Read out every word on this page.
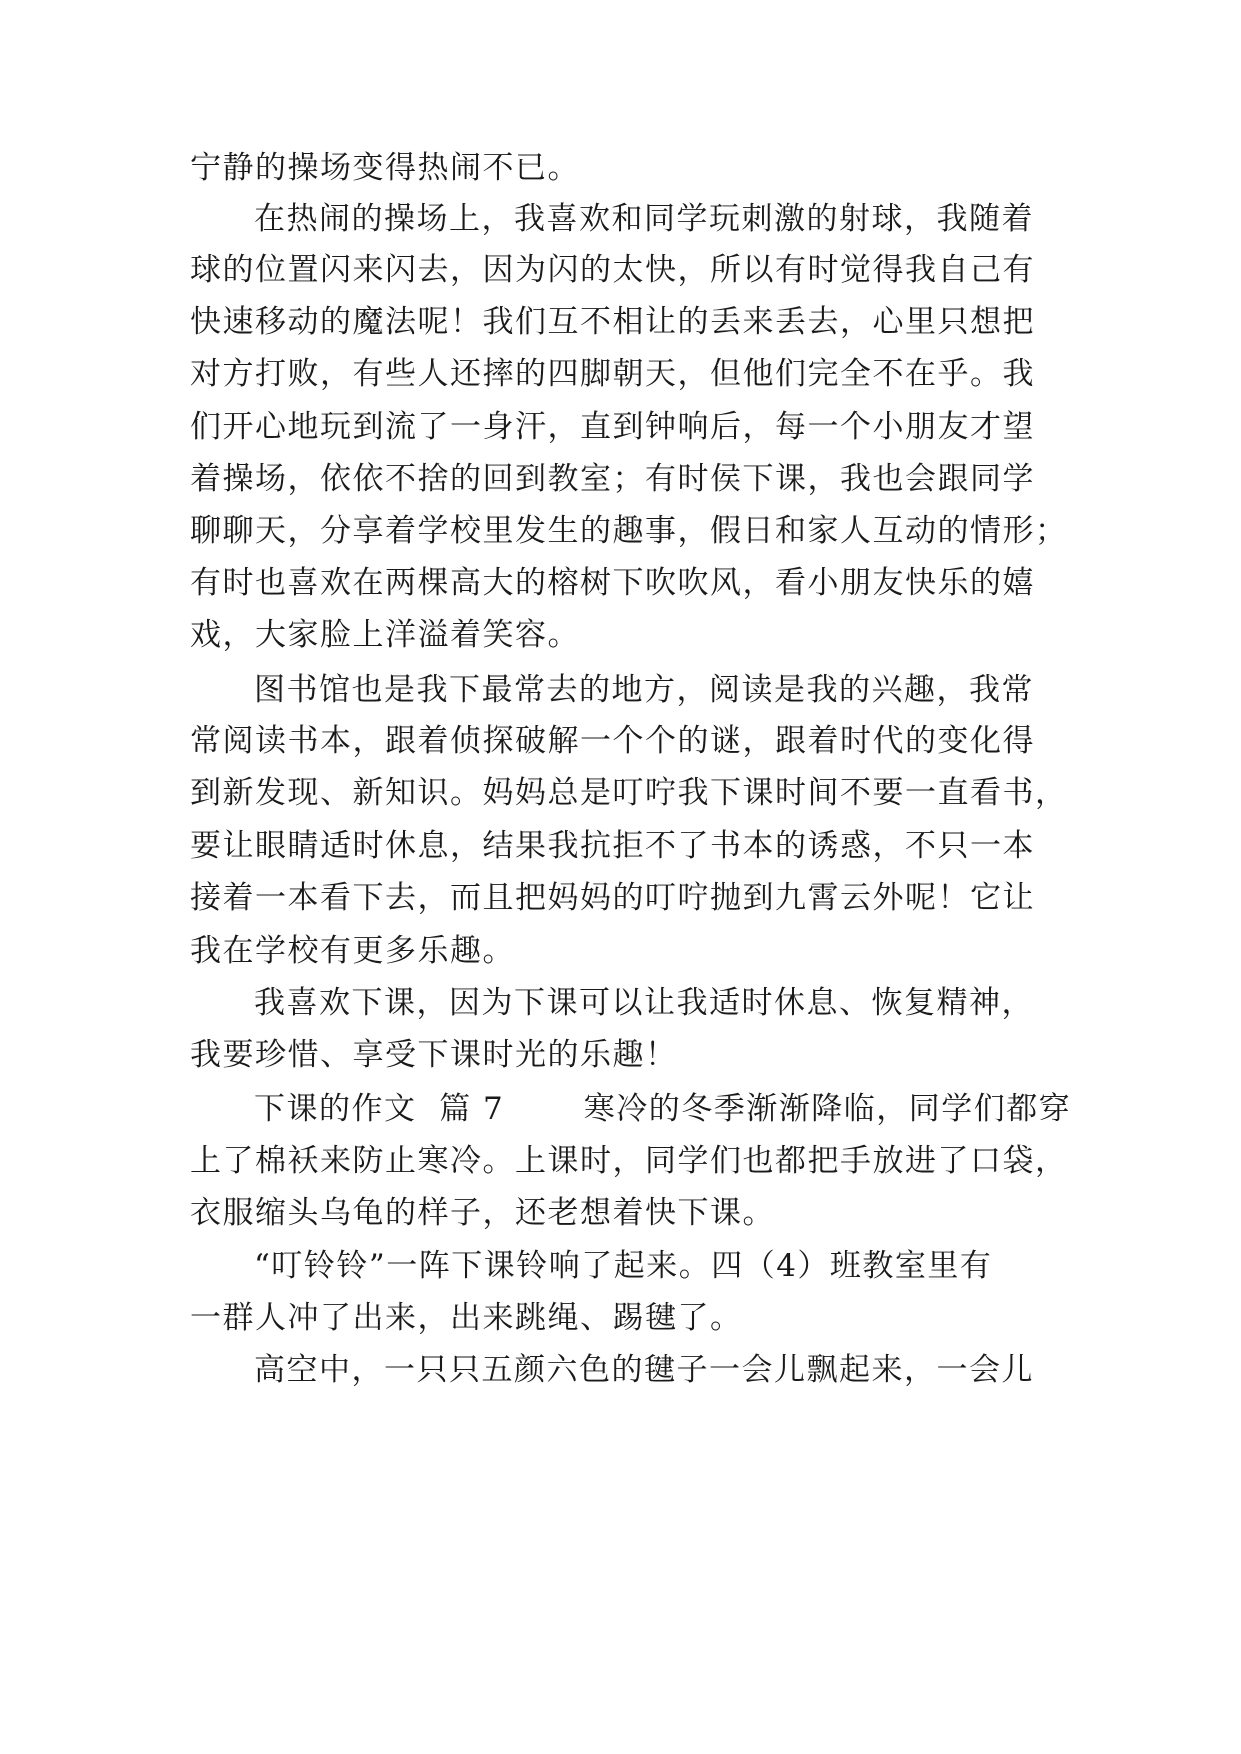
宁静的操场变得热闹不已。
在热闹的操场上，我喜欢和同学玩刺激的射球，我随着
球的位置闪来闪去，因为闪的太快，所以有时觉得我自己有
快速移动的魔法呢！我们互不相让的丢来丢去，心里只想把
对方打败，有些人还摔的四脚朝天，但他们完全不在乎。我
们开心地玩到流了一身汗，直到钟响后，每一个小朋友才望
着操场，依依不捨的回到教室；有时侯下课，我也会跟同学
聊聊天，分享着学校里发生的趣事，假日和家人互动的情形；
有时也喜欢在两棵高大的榕树下吹吹风，看小朋友快乐的嬉
戏，大家脸上洋溢着笑容。
图书馆也是我下最常去的地方，阅读是我的兴趣，我常
常阅读书本，跟着侦探破解一个个的谜，跟着时代的变化得
到新发现、新知识。妈妈总是叮咛我下课时间不要一直看书，
要让眼睛适时休息，结果我抗拒不了书本的诱惑，不只一本
接着一本看下去，而且把妈妈的叮咛抛到九霄云外呢！它让
我在学校有更多乐趣。
我喜欢下课，因为下课可以让我适时休息、恢复精神，
我要珍惜、享受下课时光的乐趣！
下课的作文  篇 7       寒冷的冬季渐渐降临，同学们都穿
上了棉袄来防止寒冷。上课时，同学们也都把手放进了口袋，
衣服缩头乌龟的样子，还老想着快下课。
“叮铃铃”一阵下课铃响了起来。四（4）班教室里有
一群人冲了出来，出来跳绳、踢毽了。
高空中，一只只五颜六色的毽子一会儿飘起来，一会儿
